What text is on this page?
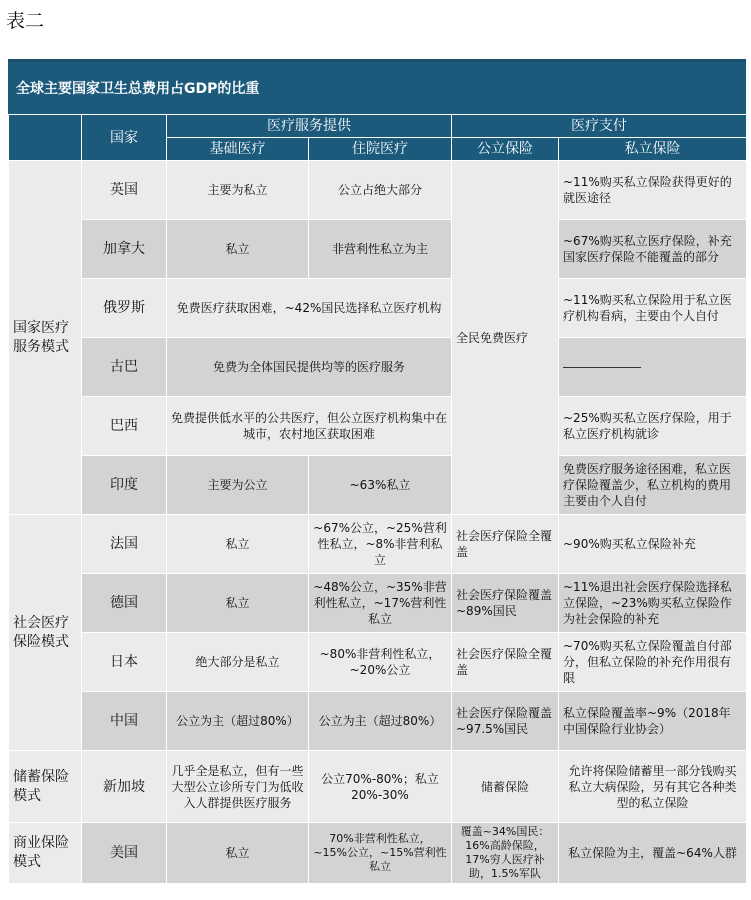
表二
全球主要国家卫生总费用占GDP的比重
	国家	医疗服务提供		医疗支付	
		基础医疗	住院医疗	公立保险	私立保险
国家医疗服务模式	英国	主要为私立	公立占绝大部分	全民免费医疗	~11%购买私立保险获得更好的就医途径
	加拿大	私立	非营利性私立为主		~67%购买私立医疗保险，补充国家医疗保险不能覆盖的部分
	俄罗斯	免费医疗获取困难，~42%国民选择私立医疗机构			~11%购买私立保险用于私立医疗机构看病，主要由个人自付
	古巴	免费为全体国民提供均等的医疗服务			
	巴西	免费提供低水平的公共医疗，但公立医疗机构集中在城市，农村地区获取困难			~25%购买私立医疗保险，用于私立医疗机构就诊
	印度	主要为公立	~63%私立		免费医疗服务途径困难，私立医疗保险覆盖少，私立机构的费用主要由个人自付
社会医疗保险模式	法国	私立	~67%公立，~25%营利性私立，~8%非营利私立	社会医疗保险全覆盖	~90%购买私立保险补充
	德国	私立	~48%公立，~35%非营利性私立，~17%营利性私立	社会医疗保险覆盖~89%国民	~11%退出社会医疗保险选择私立保险，~23%购买私立保险作为社会保险的补充
	日本	绝大部分是私立	~80%非营利性私立，~20%公立	社会医疗保险全覆盖	~70%购买私立保险覆盖自付部分，但私立保险的补充作用很有限
	中国	公立为主（超过80%）	公立为主（超过80%）	社会医疗保险覆盖~97.5%国民	私立保险覆盖率~9%（2018年中国保险行业协会）
储蓄保险模式	新加坡	几乎全是私立，但有一些大型公立诊所专门为低收入人群提供医疗服务	公立70%-80%；私立20%-30%	储蓄保险	允许将保险储蓄里一部分钱购买私立大病保险，另有其它各种类型的私立保险
商业保险模式	美国	私立	70%非营利性私立，~15%公立，~15%营利性私立	覆盖~34%国民：16%高龄保险，17%穷人医疗补助，1.5%军队	私立保险为主，覆盖~64%人群
